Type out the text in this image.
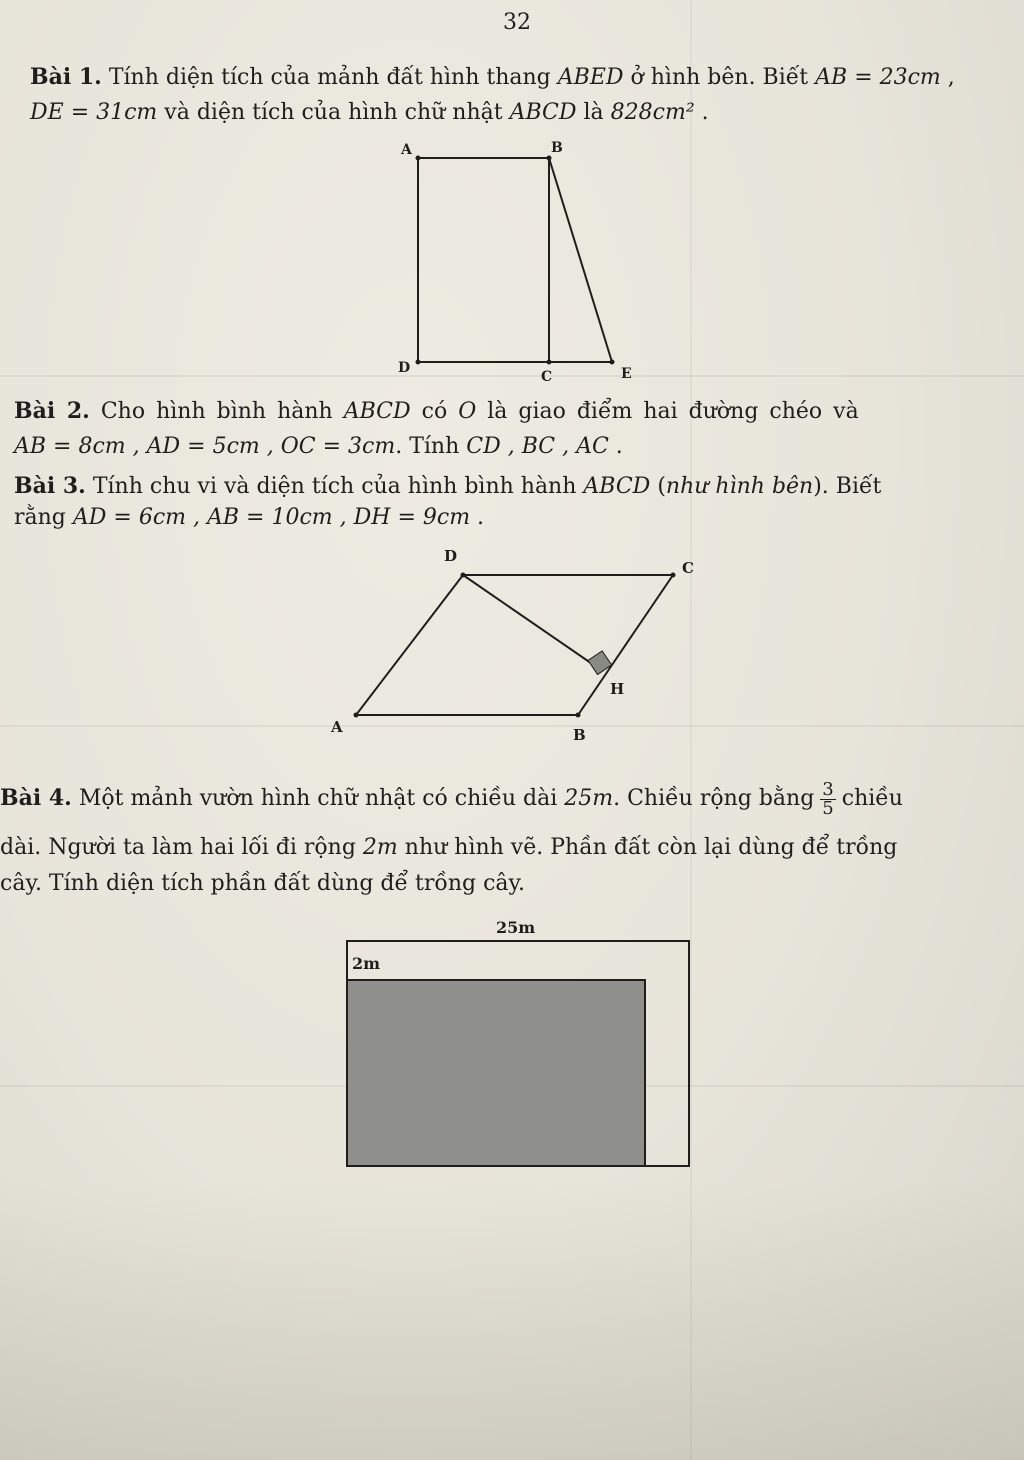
32
Bài 1. Tính diện tích của mảnh đất hình thang ABED ở hình bên. Biết AB = 23cm ,
DE = 31cm và diện tích của hình chữ nhật ABCD là 828cm² .
A	B
D
C	E
D
C
H
A	B
25m
2m
Bài 2. Cho hình bình hành ABCD có O là giao điểm hai đường chéo và
AB = 8cm , AD = 5cm , OC = 3cm. Tính CD , BC , AC .
Bài 3. Tính chu vi và diện tích của hình bình hành ABCD (như hình bên). Biết
rằng AD = 6cm , AB = 10cm , DH = 9cm .
Bài 4. Một mảnh vườn hình chữ nhật có chiều dài 25m. Chiều rộng bằng $\frac{3}{5}$ chiều
dài. Người ta làm hai lối đi rộng 2m như hình vẽ. Phần đất còn lại dùng để trồng
cây. Tính diện tích phần đất dùng để trồng cây.
